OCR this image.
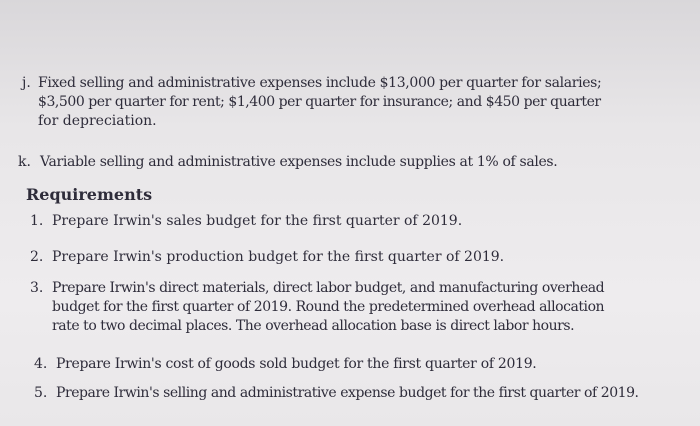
j. Fixed selling and administrative expenses include $13,000 per quarter for salaries;
$3,500 per quarter for rent; $1,400 per quarter for insurance; and $450 per quarter
for depreciation.
k. Variable selling and administrative expenses include supplies at 1% of sales.
Requirements
1. Prepare Irwin's sales budget for the first quarter of 2019.
2. Prepare Irwin's production budget for the first quarter of 2019.
3. Prepare Irwin's direct materials, direct labor budget, and manufacturing overhead
budget for the first quarter of 2019. Round the predetermined overhead allocation
rate to two decimal places. The overhead allocation base is direct labor hours.
4. Prepare Irwin's cost of goods sold budget for the first quarter of 2019.
5. Prepare Irwin's selling and administrative expense budget for the first quarter of 2019.
